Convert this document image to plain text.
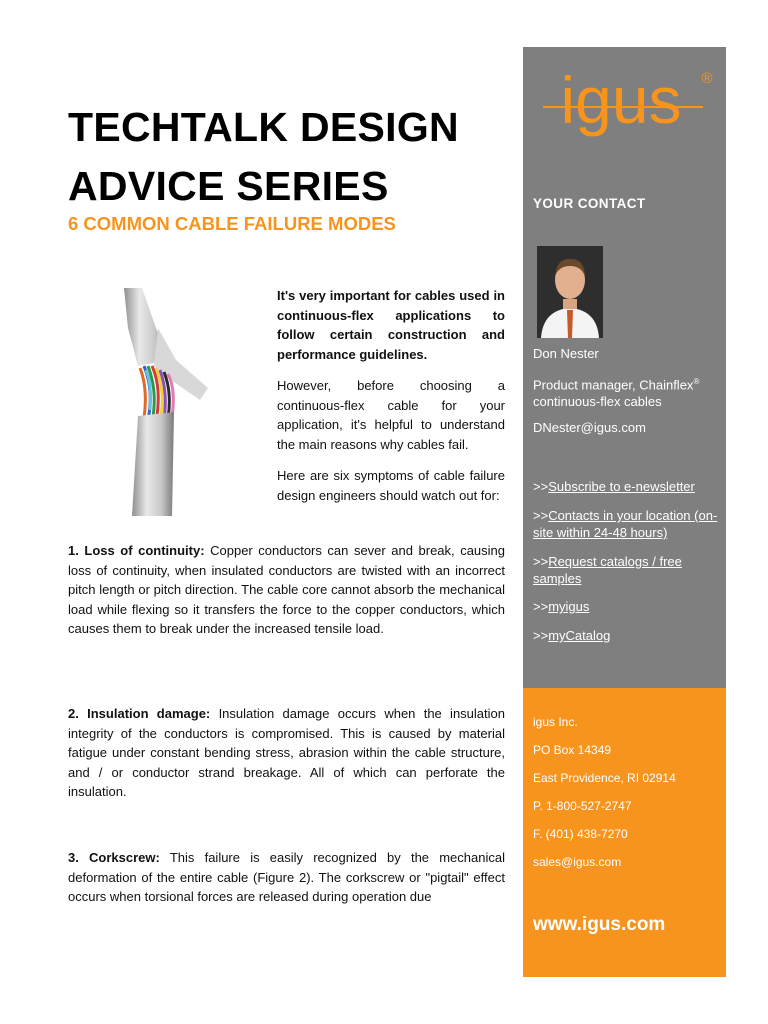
TECHTALK DESIGN
ADVICE SERIES
6 COMMON CABLE FAILURE MODES

It's very important for cables used in continuous-flex applications to follow certain construction and performance guidelines.

However, before choosing a continuous-flex cable for your application, it's helpful to understand the main reasons why cables fail.

Here are six symptoms of cable failure design engineers should watch out for:

1. Loss of continuity: Copper conductors can sever and break, causing loss of continuity, when insulated conductors are twisted with an incorrect pitch length or pitch direction. The cable core cannot absorb the mechanical load while flexing so it transfers the force to the copper conductors, which causes them to break under the increased tensile load.

2. Insulation damage: Insulation damage occurs when the insulation integrity of the conductors is compromised. This is caused by material fatigue under constant bending stress, abrasion within the cable structure, and / or conductor strand breakage. All of which can perforate the insulation.

3. Corkscrew: This failure is easily recognized by the mechanical deformation of the entire cable (Figure 2). The corkscrew or "pigtail" effect occurs when torsional forces are released during operation due

igus ®
YOUR CONTACT
Don Nester
Product manager, Chainflex®
continuous-flex cables
DNester@igus.com
>>Subscribe to e-newsletter
>>Contacts in your location (on-site within 24-48 hours)
>>Request catalogs / free samples
>>myigus
>>myCatalog
igus Inc.
PO Box 14349
East Providence, RI 02914
P. 1-800-527-2747
F. (401) 438-7270
sales@igus.com
www.igus.com
